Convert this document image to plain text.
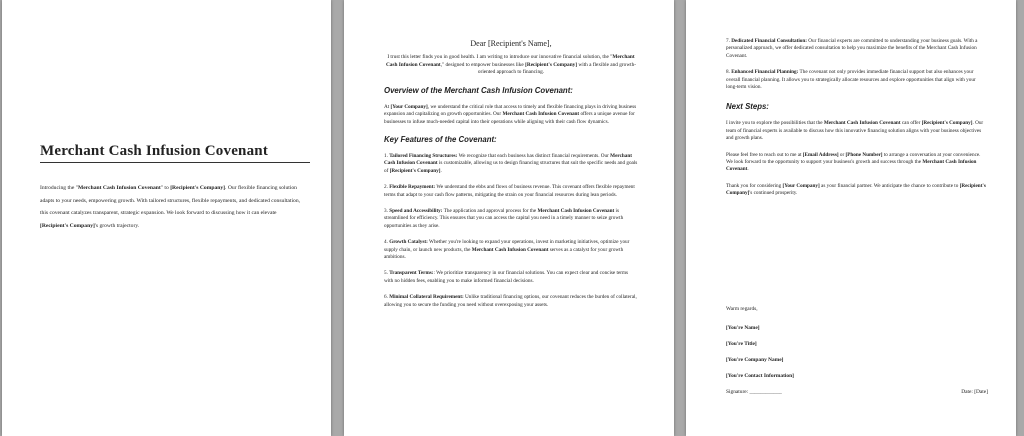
Merchant Cash Infusion Covenant

Introducing the "Merchant Cash Infusion Covenant" to [Recipient's Company]. Our flexible financing solution adapts to your needs, empowering growth. With tailored structures, flexible repayments, and dedicated consultation, this covenant catalyzes transparent, strategic expansion. We look forward to discussing how it can elevate [Recipient's Company]'s growth trajectory.

Dear [Recipient's Name],
I trust this letter finds you in good health. I am writing to introduce our innovative financial solution, the "Merchant Cash Infusion Covenant," designed to empower businesses like [Recipient's Company] with a flexible and growth-oriented approach to financing.
Overview of the Merchant Cash Infusion Covenant:
At [Your Company], we understand the critical role that access to timely and flexible financing plays in driving business expansion and capitalizing on growth opportunities. Our Merchant Cash Infusion Covenant offers a unique avenue for businesses to infuse much-needed capital into their operations while aligning with their cash flow dynamics.
Key Features of the Covenant:
1. Tailored Financing Structures: We recognize that each business has distinct financial requirements. Our Merchant Cash Infusion Covenant is customizable, allowing us to design financing structures that suit the specific needs and goals of [Recipient's Company].
2. Flexible Repayment: We understand the ebbs and flows of business revenue. This covenant offers flexible repayment terms that adapt to your cash flow patterns, mitigating the strain on your financial resources during lean periods.
3. Speed and Accessibility: The application and approval process for the Merchant Cash Infusion Covenant is streamlined for efficiency. This ensures that you can access the capital you need in a timely manner to seize growth opportunities as they arise.
4. Growth Catalyst: Whether you're looking to expand your operations, invest in marketing initiatives, optimize your supply chain, or launch new products, the Merchant Cash Infusion Covenant serves as a catalyst for your growth ambitions.
5. Transparent Terms:: We prioritize transparency in our financial solutions. You can expect clear and concise terms with no hidden fees, enabling you to make informed financial decisions.
6. Minimal Collateral Requirement: Unlike traditional financing options, our covenant reduces the burden of collateral, allowing you to secure the funding you need without overexposing your assets.
7. Dedicated Financial Consultation: Our financial experts are committed to understanding your business goals. With a personalized approach, we offer dedicated consultation to help you maximize the benefits of the Merchant Cash Infusion Covenant.
8. Enhanced Financial Planning: The covenant not only provides immediate financial support but also enhances your overall financial planning. It allows you to strategically allocate resources and explore opportunities that align with your long-term vision.
Next Steps:
I invite you to explore the possibilities that the Merchant Cash Infusion Covenant can offer [Recipient's Company]. Our team of financial experts is available to discuss how this innovative financing solution aligns with your business objectives and growth plans.
Please feel free to reach out to me at [Email Address] or [Phone Number] to arrange a conversation at your convenience. We look forward to the opportunity to support your business's growth and success through the Merchant Cash Infusion Covenant.
Thank you for considering [Your Company] as your financial partner. We anticipate the chance to contribute to [Recipient's Company]'s continued prosperity.
Warm regards,
[You're Name]
[You're Title]
[You're Company Name]
[You're Contact Information]
Signature: ____________	Date: [Date]
